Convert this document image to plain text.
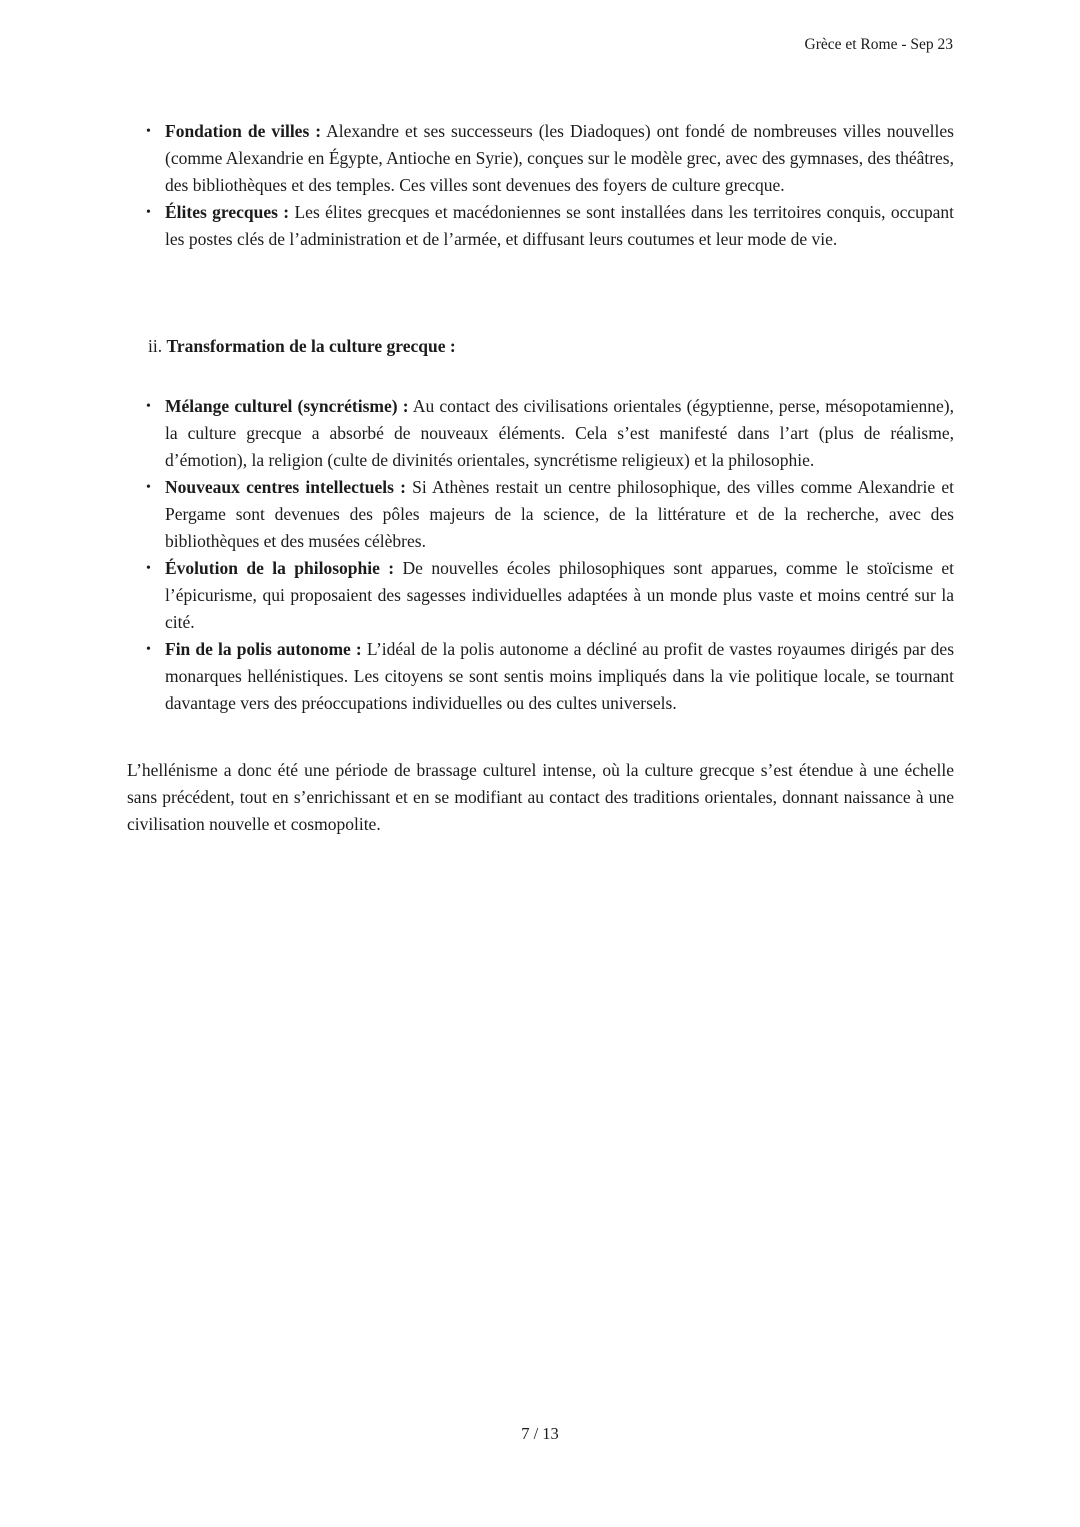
Grèce et Rome - Sep 23
• Fondation de villes : Alexandre et ses successeurs (les Diadoques) ont fondé de nombreuses villes nouvelles (comme Alexandrie en Égypte, Antioche en Syrie), conçues sur le modèle grec, avec des gymnases, des théâtres, des bibliothèques et des temples. Ces villes sont devenues des foyers de culture grecque.
• Élites grecques : Les élites grecques et macédoniennes se sont installées dans les territoires conquis, occupant les postes clés de l’administration et de l’armée, et diffusant leurs coutumes et leur mode de vie.
ii. Transformation de la culture grecque :
• Mélange culturel (syncrétisme) : Au contact des civilisations orientales (égyptienne, perse, mésopotamienne), la culture grecque a absorbé de nouveaux éléments. Cela s’est manifesté dans l’art (plus de réalisme, d’émotion), la religion (culte de divinités orientales, syncrétisme religieux) et la philosophie.
• Nouveaux centres intellectuels : Si Athènes restait un centre philosophique, des villes comme Alexandrie et Pergame sont devenues des pôles majeurs de la science, de la littérature et de la recherche, avec des bibliothèques et des musées célèbres.
• Évolution de la philosophie : De nouvelles écoles philosophiques sont apparues, comme le stoïcisme et l’épicurisme, qui proposaient des sagesses individuelles adaptées à un monde plus vaste et moins centré sur la cité.
• Fin de la polis autonome : L’idéal de la polis autonome a décliné au profit de vastes royaumes dirigés par des monarques hellénistiques. Les citoyens se sont sentis moins impliqués dans la vie politique locale, se tournant davantage vers des préoccupations individuelles ou des cultes universels.

L’hellénisme a donc été une période de brassage culturel intense, où la culture grecque s’est étendue à une échelle sans précédent, tout en s’enrichissant et en se modifiant au contact des traditions orientales, donnant naissance à une civilisation nouvelle et cosmopolite.

7 / 13
